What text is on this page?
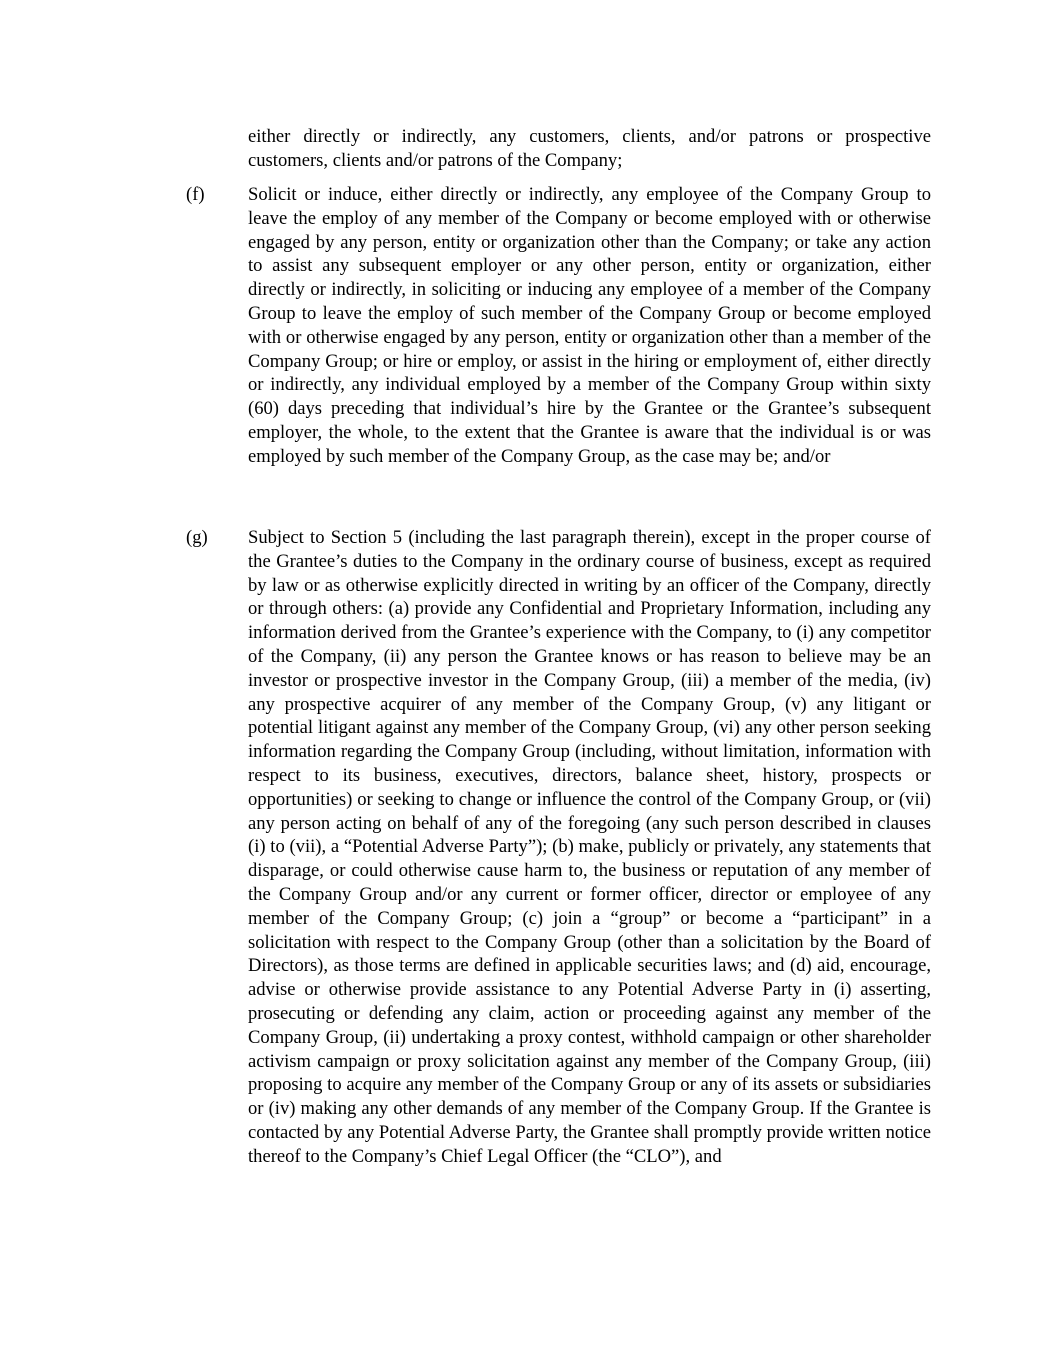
either directly or indirectly, any customers, clients, and/or patrons or prospective customers, clients and/or patrons of the Company;
(f) Solicit or induce, either directly or indirectly, any employee of the Company Group to leave the employ of any member of the Company or become employed with or otherwise engaged by any person, entity or organization other than the Company; or take any action to assist any subsequent employer or any other person, entity or organization, either directly or indirectly, in soliciting or inducing any employee of a member of the Company Group to leave the employ of such member of the Company Group or become employed with or otherwise engaged by any person, entity or organization other than a member of the Company Group; or hire or employ, or assist in the hiring or employment of, either directly or indirectly, any individual employed by a member of the Company Group within sixty (60) days preceding that individual’s hire by the Grantee or the Grantee’s subsequent employer, the whole, to the extent that the Grantee is aware that the individual is or was employed by such member of the Company Group, as the case may be; and/or
(g) Subject to Section 5 (including the last paragraph therein), except in the proper course of the Grantee’s duties to the Company in the ordinary course of business, except as required by law or as otherwise explicitly directed in writing by an officer of the Company, directly or through others: (a) provide any Confidential and Proprietary Information, including any information derived from the Grantee’s experience with the Company, to (i) any competitor of the Company, (ii) any person the Grantee knows or has reason to believe may be an investor or prospective investor in the Company Group, (iii) a member of the media, (iv) any prospective acquirer of any member of the Company Group, (v) any litigant or potential litigant against any member of the Company Group, (vi) any other person seeking information regarding the Company Group (including, without limitation, information with respect to its business, executives, directors, balance sheet, history, prospects or opportunities) or seeking to change or influence the control of the Company Group, or (vii) any person acting on behalf of any of the foregoing (any such person described in clauses (i) to (vii), a “Potential Adverse Party”); (b) make, publicly or privately, any statements that disparage, or could otherwise cause harm to, the business or reputation of any member of the Company Group and/or any current or former officer, director or employee of any member of the Company Group; (c) join a “group” or become a “participant” in a solicitation with respect to the Company Group (other than a solicitation by the Board of Directors), as those terms are defined in applicable securities laws; and (d) aid, encourage, advise or otherwise provide assistance to any Potential Adverse Party in (i) asserting, prosecuting or defending any claim, action or proceeding against any member of the Company Group, (ii) undertaking a proxy contest, withhold campaign or other shareholder activism campaign or proxy solicitation against any member of the Company Group, (iii) proposing to acquire any member of the Company Group or any of its assets or subsidiaries or (iv) making any other demands of any member of the Company Group. If the Grantee is contacted by any Potential Adverse Party, the Grantee shall promptly provide written notice thereof to the Company’s Chief Legal Officer (the “CLO”), and
